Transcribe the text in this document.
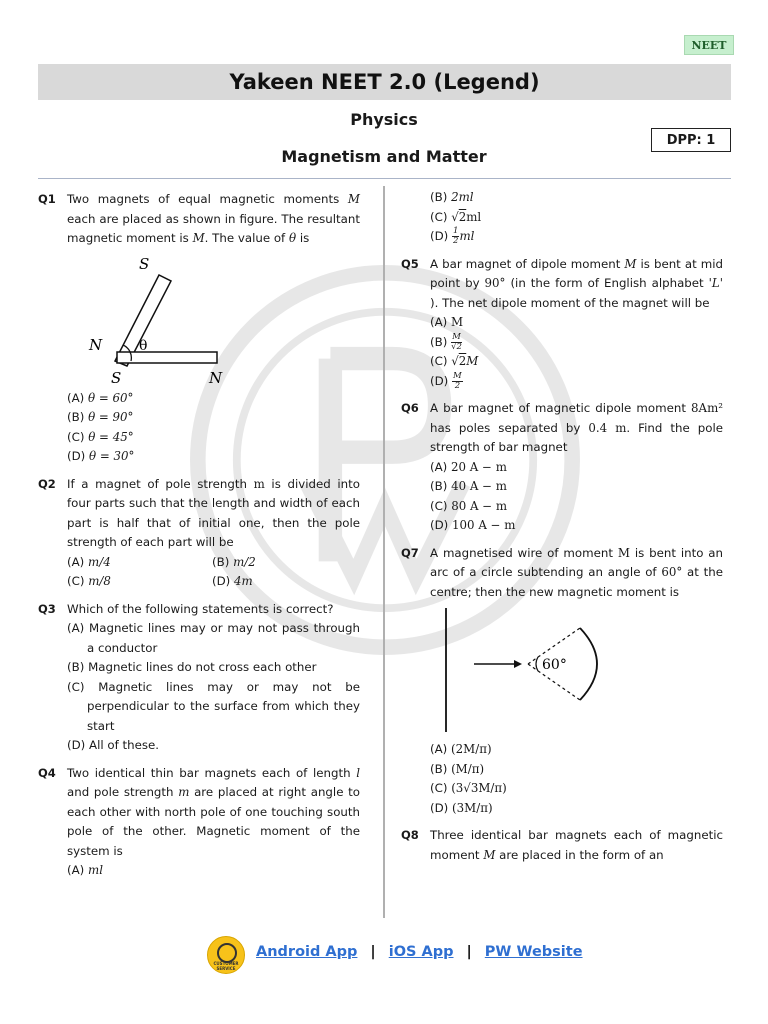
NEET
Yakeen NEET 2.0 (Legend)
Physics
Magnetism and Matter
DPP: 1
Q1 Two magnets of equal magnetic moments M each are placed as shown in figure. The resultant magnetic moment is M. The value of θ is
S
N	θ
S	N
(A) θ = 60°
(B) θ = 90°
(C) θ = 45°
(D) θ = 30°
Q2 If a magnet of pole strength m is divided into four parts such that the length and width of each part is half that of initial one, then the pole strength of each part will be
(A) m/4	(B) m/2
(C) m/8	(D) 4m
Q3 Which of the following statements is correct?
(A) Magnetic lines may or may not pass through a conductor
(B) Magnetic lines do not cross each other
(C) Magnetic lines may or may not be perpendicular to the surface from which they start
(D) All of these.
Q4 Two identical thin bar magnets each of length l and pole strength m are placed at right angle to each other with north pole of one touching south pole of the other. Magnetic moment of the system is
(A) ml
(B) 2ml
(C) √2ml
$(D) \frac{1}{2}$ ml
Q5 A bar magnet of dipole moment M is bent at mid point by 90° (in the form of English alphabet 'L' ). The net dipole moment of the magnet will be
(A) M
$(B) \frac{M}{√2}$
(C) √2M
$(D) \frac{M}{2}$
Q6 A bar magnet of magnetic dipole moment 8Am² has poles separated by 0.4 m. Find the pole strength of bar magnet
(A) 20 A − m
(B) 40 A − m
(C) 80 A − m
(D) 100 A − m
Q7 A magnetised wire of moment M is bent into an arc of a circle subtending an angle of 60° at the centre; then the new magnetic moment is
60°
(A) (2M/π)
(B) (M/π)
(C) (3√3M/π)
(D) (3M/π)
Q8 Three identical bar magnets each of magnetic moment M are placed in the form of an
CUSTOMER SERVICE
Android App | iOS App | PW Website
